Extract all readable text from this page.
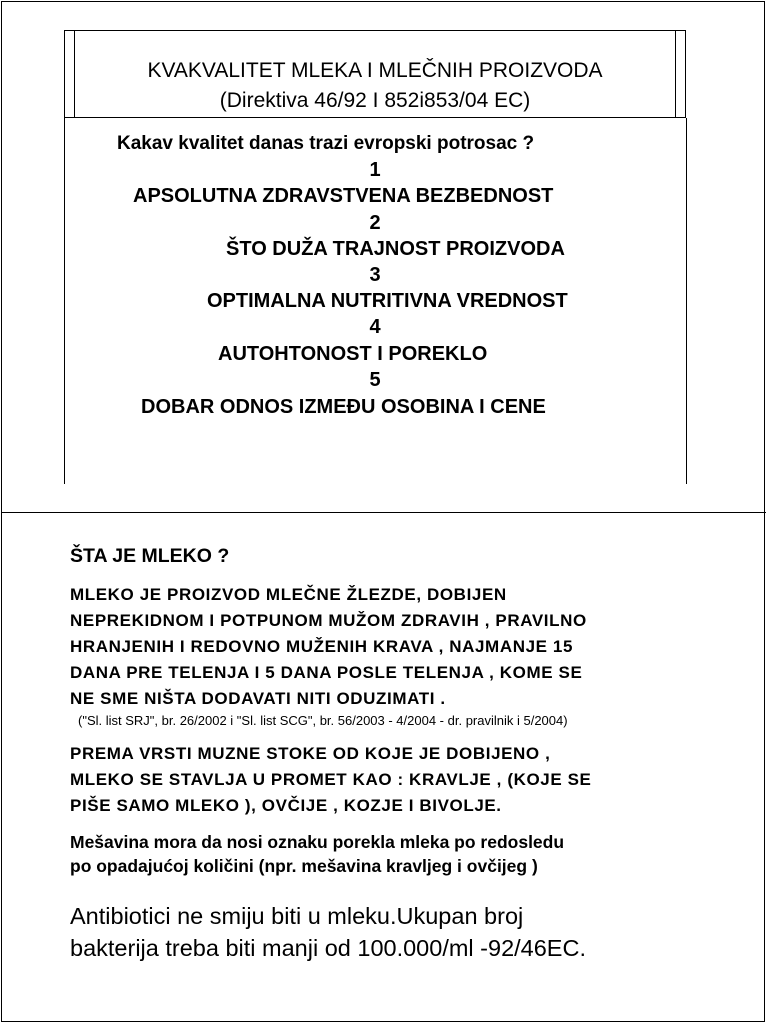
KVAKVALITET MLEKA I MLEČNIH PROIZVODA
(Direktiva 46/92 I 852i853/04 EC)
Kakav kvalitet danas trazi evropski potrosac ?
1
APSOLUTNA ZDRAVSTVENA BEZBEDNOST
2
ŠTO DUŽA TRAJNOST PROIZVODA
3
OPTIMALNA NUTRITIVNA VREDNOST
4
AUTOHTONOST I POREKLO
5
DOBAR ODNOS IZMEĐU OSOBINA I CENE
ŠTA JE MLEKO ?
MLEKO JE PROIZVOD MLEČNE ŽLEZDE, DOBIJEN
NEPREKIDNOM I POTPUNOM MUŽOM ZDRAVIH , PRAVILNO
HRANJENIH I REDOVNO MUŽENIH KRAVA , NAJMANJE 15
DANA PRE TELENJA I 5 DANA POSLE TELENJA , KOME SE
NE SME NIŠTA DODAVATI NITI ODUZIMATI .
("Sl. list SRJ", br. 26/2002 i "Sl. list SCG", br. 56/2003 - 4/2004 - dr. pravilnik i 5/2004)
PREMA VRSTI MUZNE STOKE OD KOJE JE DOBIJENO ,
MLEKO SE STAVLJA U PROMET KAO : KRAVLJE , (KOJE SE
PIŠE SAMO MLEKO ), OVČIJE , KOZJE I BIVOLJE.
Mešavina mora da nosi oznaku porekla mleka po redosledu
po opadajućoj količini (npr. mešavina kravljeg i ovčijeg )
Antibiotici ne smiju biti u mleku.Ukupan broj
bakterija treba biti manji od 100.000/ml -92/46EC.
